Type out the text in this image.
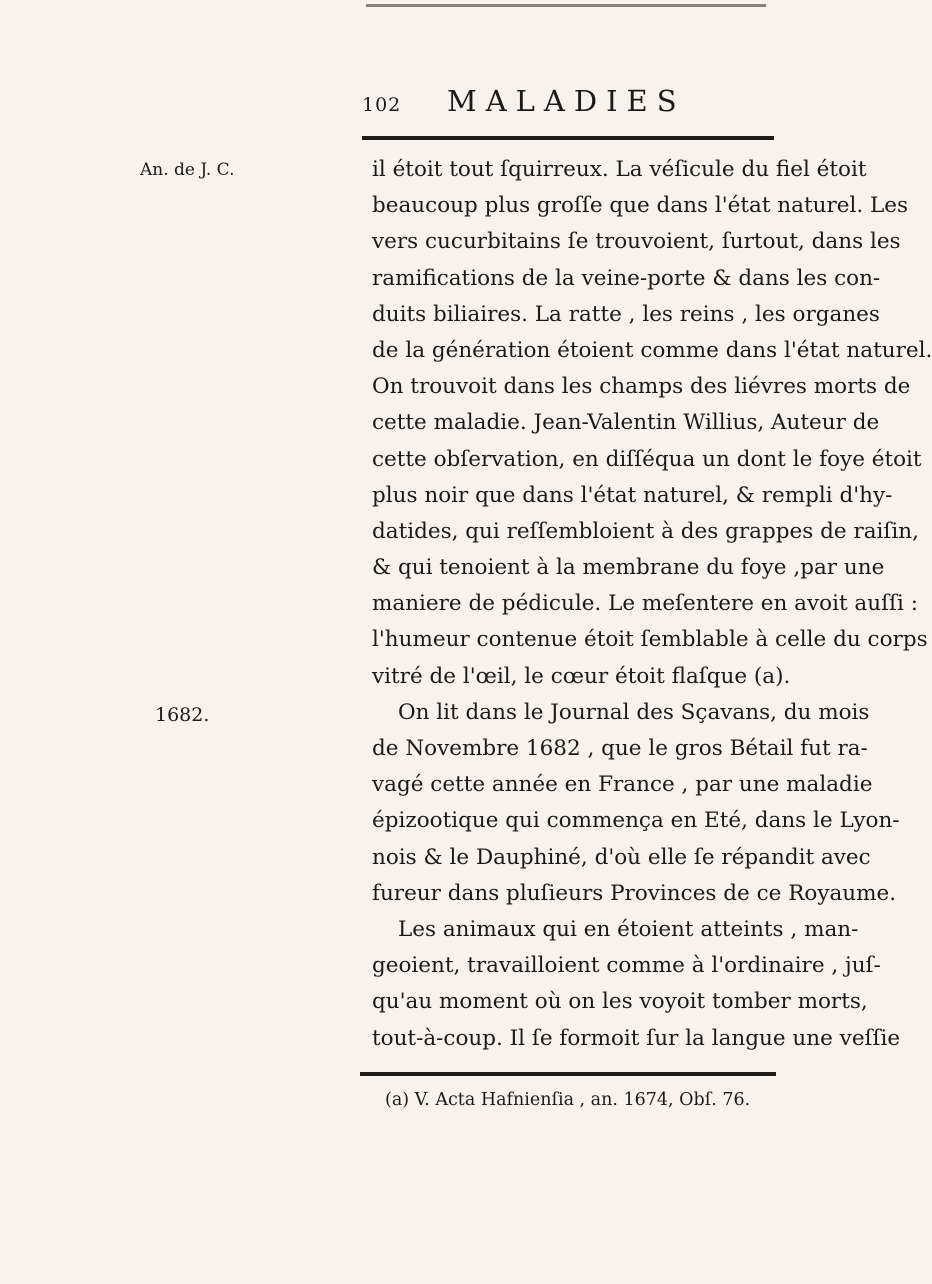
102 MALADIES
An. de J. C.
1682.
il étoit tout ſquirreux. La véſicule du fiel étoit
beaucoup plus groſſe que dans l'état naturel. Les
vers cucurbitains ſe trouvoient, ſurtout, dans les
ramifications de la veine-porte & dans les con-
duits biliaires. La ratte , les reins , les organes
de la génération étoient comme dans l'état naturel.
On trouvoit dans les champs des liévres morts de
cette maladie. Jean-Valentin Willius, Auteur de
cette obſervation, en diſſéqua un dont le foye étoit
plus noir que dans l'état naturel, & rempli d'hy-
datides, qui reſſembloient à des grappes de raiſin,
& qui tenoient à la membrane du foye ,par une
maniere de pédicule. Le meſentere en avoit auſſi :
l'humeur contenue étoit ſemblable à celle du corps
vitré de l'œil, le cœur étoit flaſque (a).
On lit dans le Journal des Sçavans, du mois
de Novembre 1682 , que le gros Bétail fut ra-
vagé cette année en France , par une maladie
épizootique qui commença en Eté, dans le Lyon-
nois & le Dauphiné, d'où elle ſe répandit avec
fureur dans pluſieurs Provinces de ce Royaume.
Les animaux qui en étoient atteints , man-
geoient, travailloient comme à l'ordinaire , juſ-
qu'au moment où on les voyoit tomber morts,
tout-à-coup. Il ſe formoit ſur la langue une veſſie
(a) V. Acta Hafnienſia , an. 1674, Obſ. 76.
